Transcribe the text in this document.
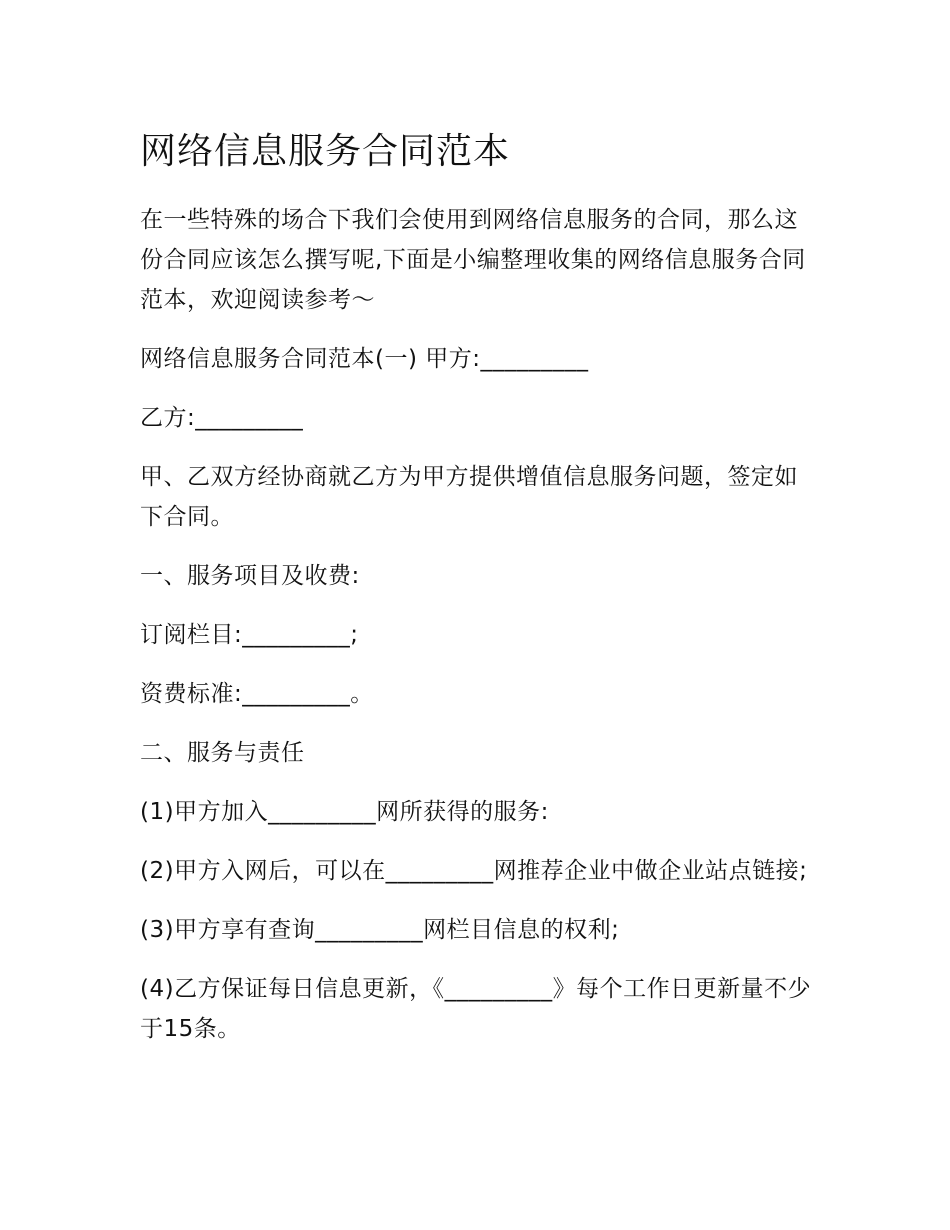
网络信息服务合同范本

在一些特殊的场合下我们会使用到网络信息服务的合同，那么这份合同应该怎么撰写呢,下面是小编整理收集的网络信息服务合同范本，欢迎阅读参考～

网络信息服务合同范本(一) 甲方:_________

乙方:_________

甲、乙双方经协商就乙方为甲方提供增值信息服务问题，签定如下合同。

一、服务项目及收费:

订阅栏目:_________;

资费标准:_________。

二、服务与责任

(1)甲方加入_________网所获得的服务:

(2)甲方入网后，可以在_________网推荐企业中做企业站点链接;

(3)甲方享有查询_________网栏目信息的权利;

(4)乙方保证每日信息更新，《_________》每个工作日更新量不少于15条。
